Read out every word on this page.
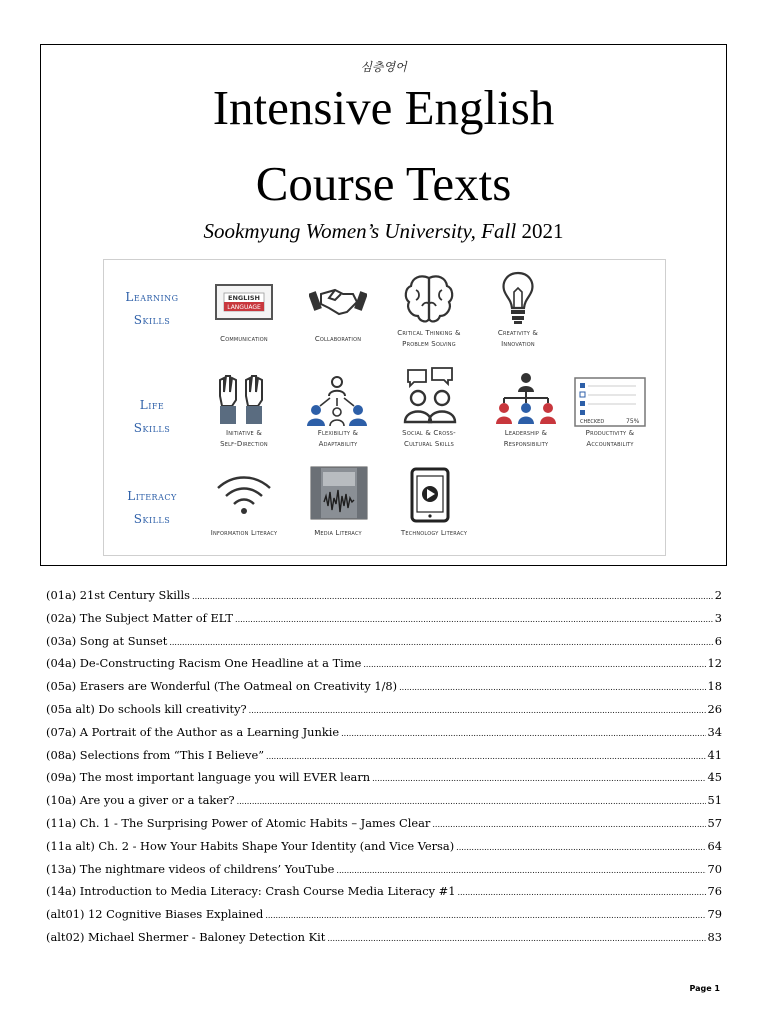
심층영어
Intensive English
Course Texts
Sookmyung Women’s University, Fall 2021
Learning
Skills
Life
Skills
Literacy
Skills
ENGLISH
LANGUAGE
Communication	Collaboration
Critical Thinking &
Problem Solving
Creativity &
Innovation
Initiative &
Self-Direction
Flexibility &
Adaptability
Social & Cross-
Cultural Skills
Leadership &
Responsibility
CHECKED	75%
Productivity &
Accountability
Information Literacy	Media Literacy	Technology Literacy
(01a) 21st Century Skills .....	2
(02a) The Subject Matter of ELT .....	3
(03a) Song at Sunset .....	6
(04a) De-Constructing Racism One Headline at a Time .....	12
(05a) Erasers are Wonderful (The Oatmeal on Creativity 1/8) .....	18
(05a alt) Do schools kill creativity? .....	26
(07a) A Portrait of the Author as a Learning Junkie .....	34
(08a) Selections from “This I Believe” .....	41
(09a) The most important language you will EVER learn .....	45
(10a) Are you a giver or a taker? .....	51
(11a) Ch. 1 - The Surprising Power of Atomic Habits – James Clear .....	57
(11a alt) Ch. 2 - How Your Habits Shape Your Identity (and Vice Versa) .....	64
(13a) The nightmare videos of childrens’ YouTube .....	70
(14a) Introduction to Media Literacy: Crash Course Media Literacy #1 .....	76
(alt01) 12 Cognitive Biases Explained .....	79
(alt02) Michael Shermer - Baloney Detection Kit .....	83
Page 1
